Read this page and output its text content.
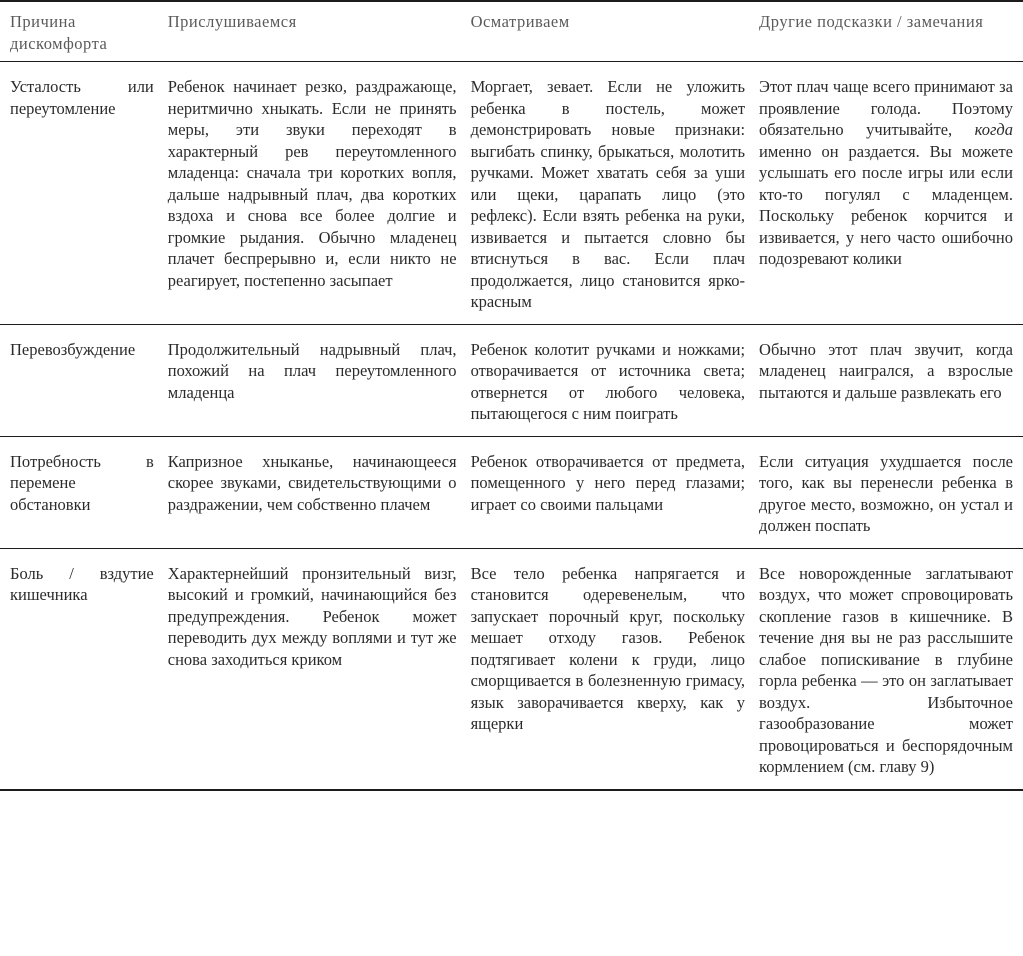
Причина дискомфорта	Прислушиваемся	Осматриваем	Другие подсказки / замечания
Усталость или переутомление	Ребенок начинает резко, раздражающе, неритмично хныкать. Если не принять меры, эти звуки переходят в характерный рев переутомленного младенца: сначала три коротких вопля, дальше надрывный плач, два коротких вздоха и снова все более долгие и громкие рыдания. Обычно младенец плачет беспрерывно и, если никто не реагирует, постепенно засыпает	Моргает, зевает. Если не уложить ребенка в постель, может демонстрировать новые признаки: выгибать спинку, брыкаться, молотить ручками. Может хватать себя за уши или щеки, царапать лицо (это рефлекс). Если взять ребенка на руки, извивается и пытается словно бы втиснуться в вас. Если плач продолжается, лицо становится ярко-красным	Этот плач чаще всего принимают за проявление голода. Поэтому обязательно учитывайте, когда именно он раздается. Вы можете услышать его после игры или если кто-то погулял с младенцем. Поскольку ребенок корчится и извивается, у него часто ошибочно подозревают колики
Перевозбуждение	Продолжительный надрывный плач, похожий на плач переутомленного младенца	Ребенок колотит ручками и ножками; отворачивается от источника света; отвернется от любого человека, пытающегося с ним поиграть	Обычно этот плач звучит, когда младенец наигрался, а взрослые пытаются и дальше развлекать его
Потребность в перемене обстановки	Капризное хныканье, начинающееся скорее звуками, свидетельствующими о раздражении, чем собственно плачем	Ребенок отворачивается от предмета, помещенного у него перед глазами; играет со своими пальцами	Если ситуация ухудшается после того, как вы перенесли ребенка в другое место, возможно, он устал и должен поспать
Боль / вздутие кишечника	Характернейший пронзительный визг, высокий и громкий, начинающийся без предупреждения. Ребенок может переводить дух между воплями и тут же снова заходиться криком	Все тело ребенка напрягается и становится одеревенелым, что запускает порочный круг, поскольку мешает отходу газов. Ребенок подтягивает колени к груди, лицо сморщивается в болезненную гримасу, язык заворачивается кверху, как у ящерки	Все новорожденные заглатывают воздух, что может спровоцировать скопление газов в кишечнике. В течение дня вы не раз расслышите слабое попискивание в глубине горла ребенка — это он заглатывает воздух. Избыточное газообразование может провоцироваться и беспорядочным кормлением (см. главу 9)
